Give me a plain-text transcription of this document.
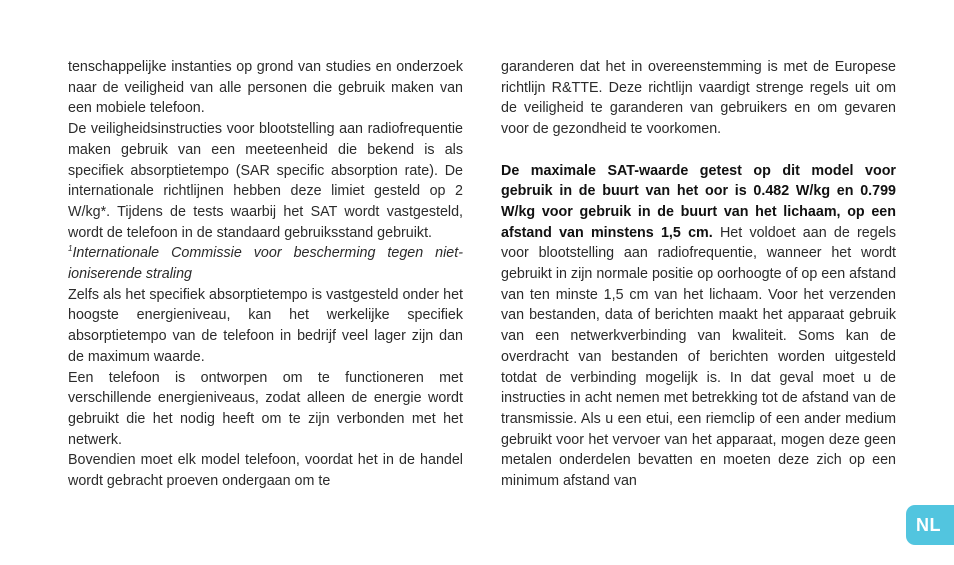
tenschappelijke instanties op grond van studies en onderzoek naar de veiligheid van alle personen die gebruik maken van een mobiele telefoon.

De veiligheidsinstructies voor blootstelling aan radiofrequentie maken gebruik van een meeteenheid die bekend is als specifiek absorptietempo (SAR specific absorption rate). De internationale richtlijnen hebben deze limiet gesteld op 2 W/kg*. Tijdens de tests waarbij het SAT wordt vastgesteld, wordt de telefoon in de standaard gebruiksstand gebruikt.

$^1$Internationale Commissie voor bescherming tegen niet-ioniserende straling

Zelfs als het specifiek absorptietempo is vastgesteld onder het hoogste energieniveau, kan het werkelijke specifiek absorptietempo van de telefoon in bedrijf veel lager zijn dan de maximum waarde.

Een telefoon is ontworpen om te functioneren met verschillende energieniveaus, zodat alleen de energie wordt gebruikt die het nodig heeft om te zijn verbonden met het netwerk.

Bovendien moet elk model telefoon, voordat het in de handel wordt gebracht proeven ondergaan om te

garanderen dat het in overeenstemming is met de Europese richtlijn R&TTE. Deze richtlijn vaardigt strenge regels uit om de veiligheid te garanderen van gebruikers en om gevaren voor de gezondheid te voorkomen.

De maximale SAT-waarde getest op dit model voor gebruik in de buurt van het oor is 0.482 W/kg en 0.799 W/kg voor gebruik in de buurt van het lichaam, op een afstand van minstens 1,5 cm. Het voldoet aan de regels voor blootstelling aan radiofrequentie, wanneer het wordt gebruikt in zijn normale positie op oorhoogte of op een afstand van ten minste 1,5 cm van het lichaam. Voor het verzenden van bestanden, data of berichten maakt het apparaat gebruik van een netwerkverbinding van kwaliteit. Soms kan de overdracht van bestanden of berichten worden uitgesteld totdat de verbinding mogelijk is. In dat geval moet u de instructies in acht nemen met betrekking tot de afstand van de transmissie. Als u een etui, een riemclip of een ander medium gebruikt voor het vervoer van het apparaat, mogen deze geen metalen onderdelen bevatten en moeten deze zich op een minimum afstand van

NL
